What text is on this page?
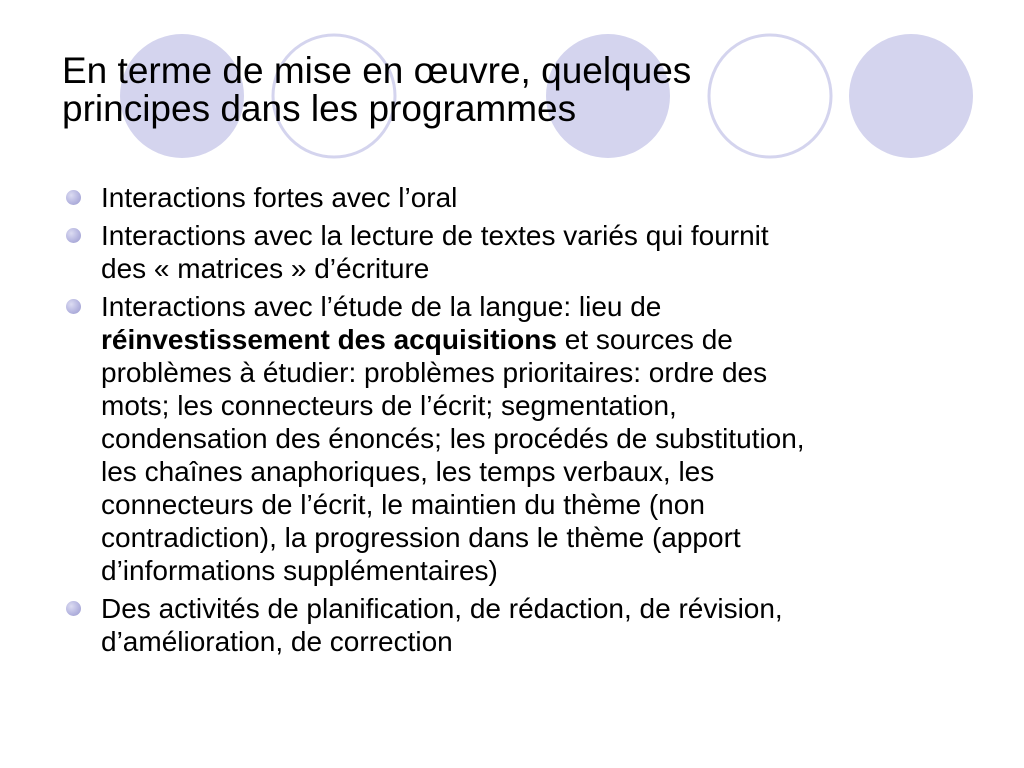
En terme de mise en œuvre, quelques
principes dans les programmes
Interactions fortes avec l’oral
Interactions avec la lecture de textes variés qui fournit
des « matrices » d’écriture
Interactions avec l’étude de la langue: lieu de
réinvestissement des acquisitions et sources de
problèmes à étudier: problèmes prioritaires: ordre des
mots; les connecteurs de l’écrit; segmentation,
condensation des énoncés; les procédés de substitution,
les chaînes anaphoriques, les temps verbaux, les
connecteurs de l’écrit, le maintien du thème (non
contradiction), la progression dans le thème (apport
d’informations supplémentaires)
Des activités de planification, de rédaction, de révision,
d’amélioration, de correction
